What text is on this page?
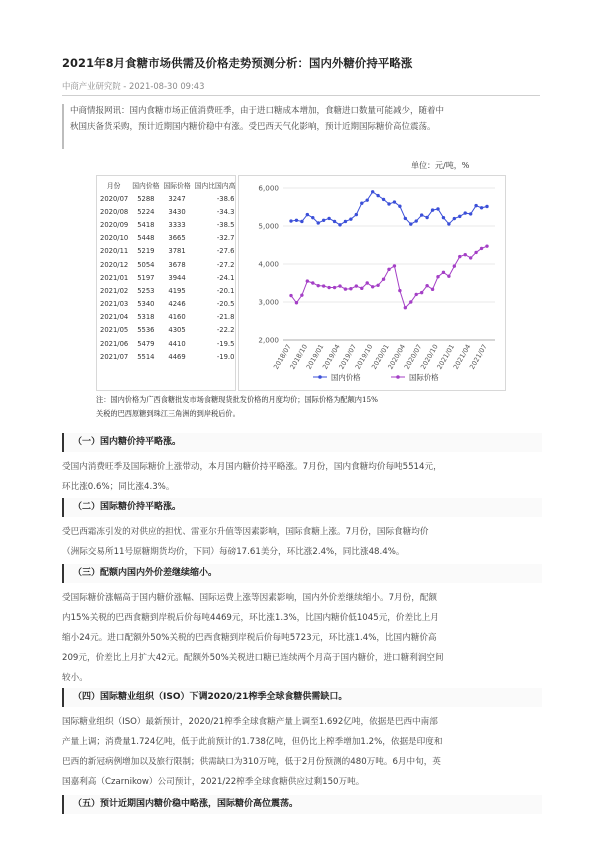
2021年8月食糖市场供需及价格走势预测分析：国内外糖价持平略涨
中商产业研究院 - 2021-08-30 09:43
中商情报网讯：国内食糖市场正值消费旺季，由于进口糖成本增加，食糖进口数量可能减少，随着中
秋国庆备货采购，预计近期国内糖价稳中有涨。受巴西天气化影响，预计近期国际糖价高位震荡。
单位：元/吨，%
月份	国内价格	国际价格	国内比国内高
2020/07	5288	3247	-38.6
2020/08	5224	3430	-34.3
2020/09	5418	3333	-38.5
2020/10	5448	3665	-32.7
2020/11	5219	3781	-27.6
2020/12	5054	3678	-27.2
2021/01	5197	3944	-24.1
2021/02	5253	4195	-20.1
2021/03	5340	4246	-20.5
2021/04	5318	4160	-21.8
2021/05	5536	4305	-22.2
2021/06	5479	4410	-19.5
2021/07	5514	4469	-19.0
2,000
3,000
4,000
5,000
6,000
2018/07
2018/10
2019/01
2019/04
2019/07
2019/10
2020/01
2020/04
2020/07
2020/10
2021/01
2021/04
2021/07
国内价格	国际价格
注：国内价格为广西食糖批发市场食糖现货批发价格的月度均价；国际价格为配额内15%
关税的巴西原糖到珠江三角洲的到岸税后价。
（一）国内糖价持平略涨。
受国内消费旺季及国际糖价上涨带动，本月国内糖价持平略涨。7月份，国内食糖均价每吨5514元，
环比涨0.6%；同比涨4.3%。
（二）国际糖价持平略涨。
受巴西霜冻引发的对供应的担忧、雷亚尔升值等因素影响，国际食糖上涨。7月份，国际食糖均价
（洲际交易所11号原糖期货均价，下同）每磅17.61美分，环比涨2.4%，同比涨48.4%。
（三）配额内国内外价差继续缩小。
受国际糖价涨幅高于国内糖价涨幅、国际运费上涨等因素影响，国内外价差继续缩小。7月份，配额
内15%关税的巴西食糖到岸税后价每吨4469元，环比涨1.3%，比国内糖价低1045元，价差比上月
缩小24元。进口配额外50%关税的巴西食糖到岸税后价每吨5723元，环比涨1.4%，比国内糖价高
209元，价差比上月扩大42元。配额外50%关税进口糖已连续两个月高于国内糖价，进口糖利润空间
较小。
（四）国际糖业组织（ISO）下调2020/21榨季全球食糖供需缺口。
国际糖业组织（ISO）最新预计，2020/21榨季全球食糖产量上调至1.692亿吨，依据是巴西中南部
产量上调；消费量1.724亿吨，低于此前预计的1.738亿吨，但仍比上榨季增加1.2%，依据是印度和
巴西的新冠病例增加以及旅行限制；供需缺口为310万吨，低于2月份预测的480万吨。6月中旬，英
国嘉利高（Czarnikow）公司预计，2021/22榨季全球食糖供应过剩150万吨。
（五）预计近期国内糖价稳中略涨，国际糖价高位震荡。
